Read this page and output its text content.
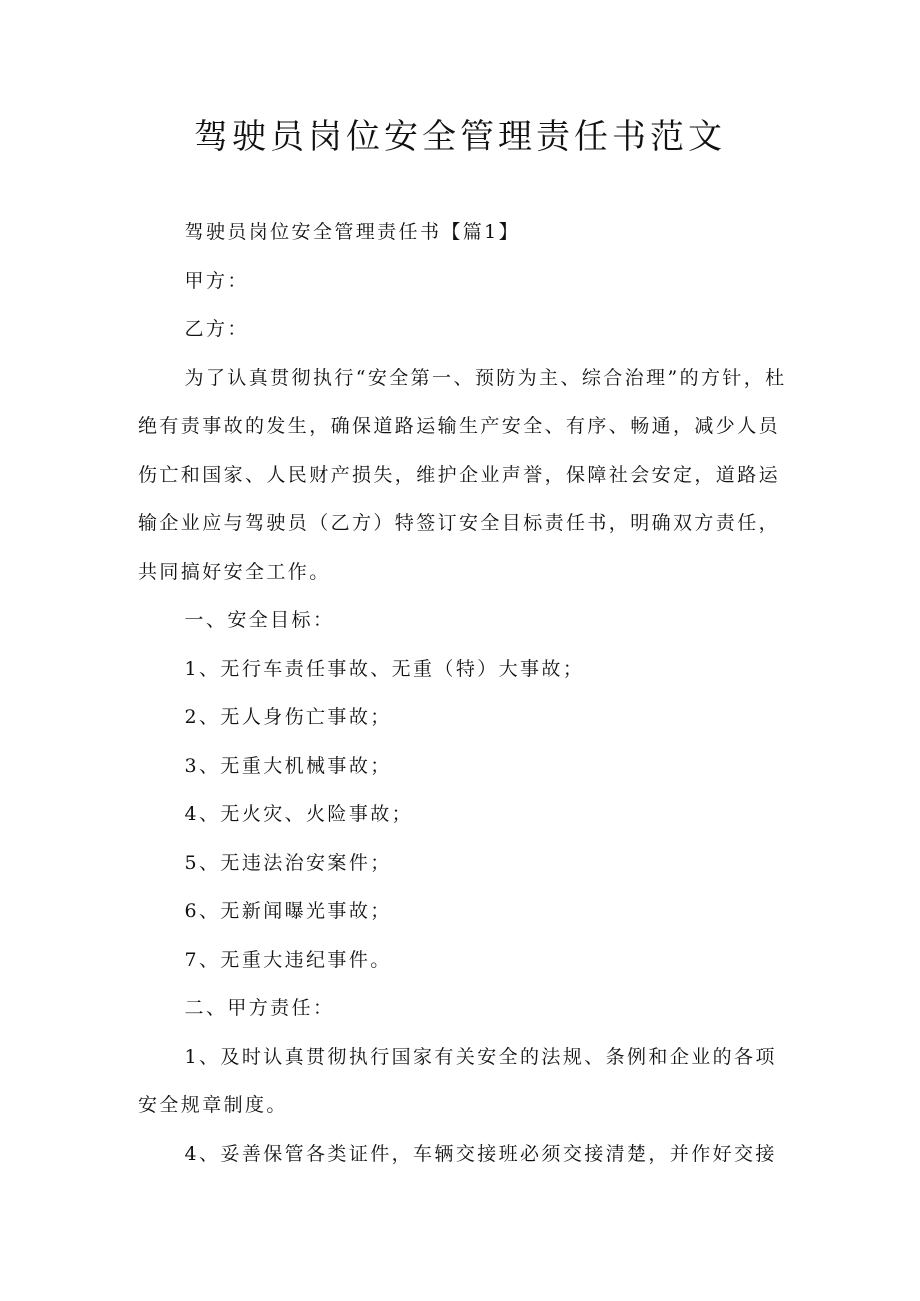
驾驶员岗位安全管理责任书范文

驾驶员岗位安全管理责任书【篇1】

甲方：

乙方：

为了认真贯彻执行“安全第一、预防为主、综合治理”的方针，杜绝有责事故的发生，确保道路运输生产安全、有序、畅通，减少人员伤亡和国家、人民财产损失，维护企业声誉，保障社会安定，道路运输企业应与驾驶员（乙方）特签订安全目标责任书，明确双方责任，共同搞好安全工作。

一、安全目标：

1、无行车责任事故、无重（特）大事故；

2、无人身伤亡事故；

3、无重大机械事故；

4、无火灾、火险事故；

5、无违法治安案件；

6、无新闻曝光事故；

7、无重大违纪事件。

二、甲方责任：

1、及时认真贯彻执行国家有关安全的法规、条例和企业的各项安全规章制度。

4、妥善保管各类证件，车辆交接班必须交接清楚，并作好交接
